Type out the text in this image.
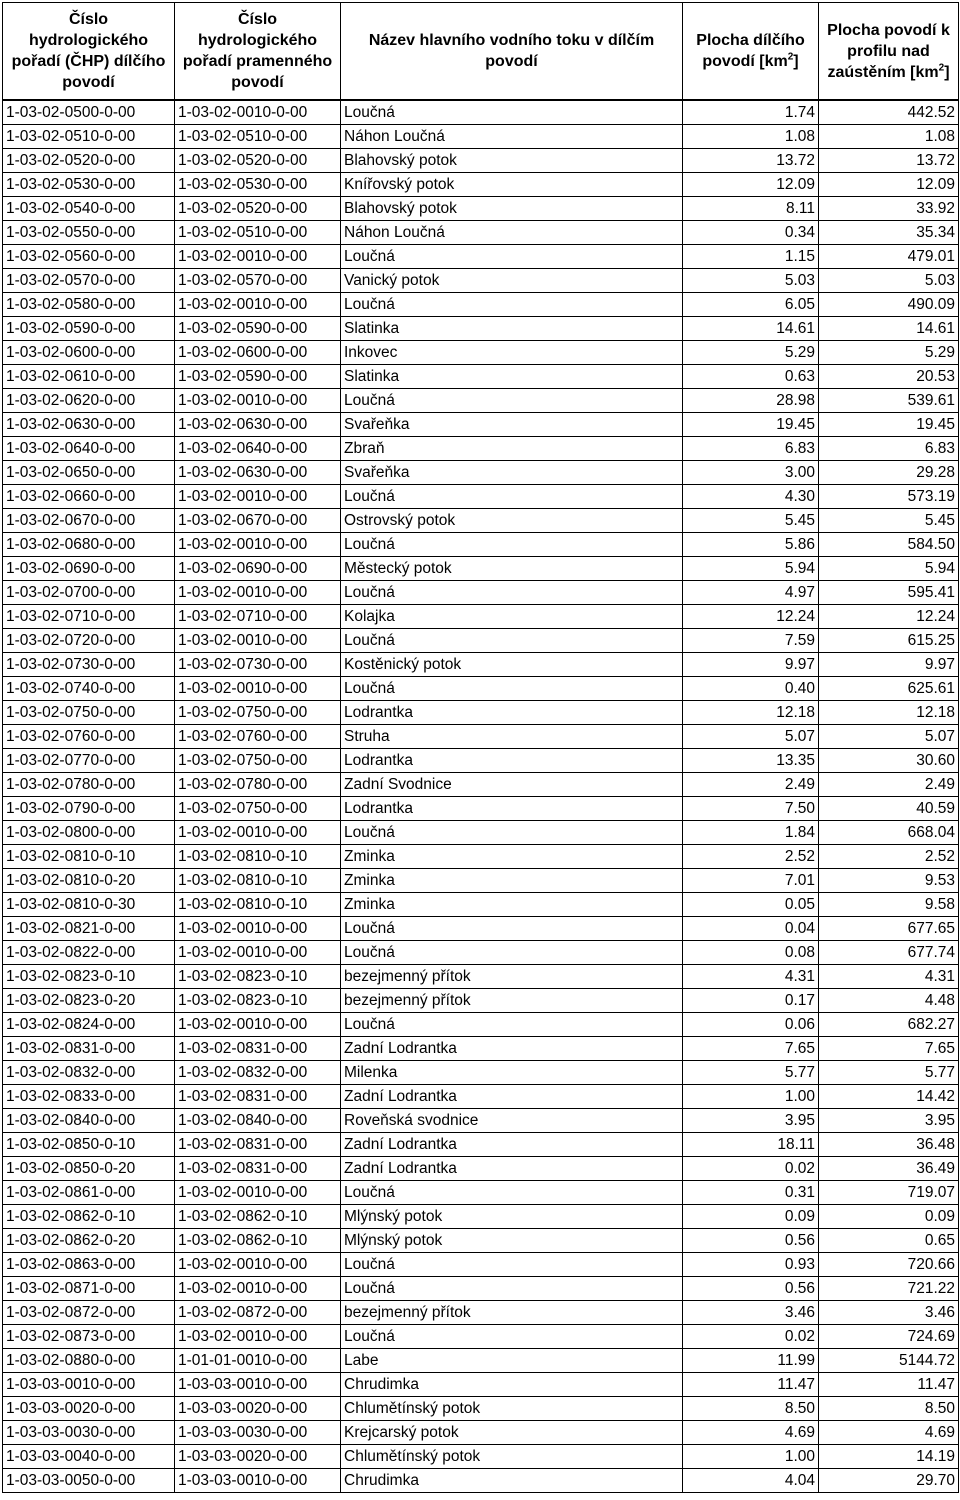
Číslo
hydrologického
pořadí (ČHP) dílčího
povodí	Číslo
hydrologického
pořadí pramenného
povodí	Název hlavního vodního toku v dílčím
povodí	Plocha dílčího
povodí $[km^2]$	Plocha povodí k
profilu nad
zaústěním $[km^2]$

1-03-02-0500-0-00	1-03-02-0010-0-00	Loučná	1.74	442.52
1-03-02-0510-0-00	1-03-02-0510-0-00	Náhon Loučná	1.08	1.08
1-03-02-0520-0-00	1-03-02-0520-0-00	Blahovský potok	13.72	13.72
1-03-02-0530-0-00	1-03-02-0530-0-00	Knířovský potok	12.09	12.09
1-03-02-0540-0-00	1-03-02-0520-0-00	Blahovský potok	8.11	33.92
1-03-02-0550-0-00	1-03-02-0510-0-00	Náhon Loučná	0.34	35.34
1-03-02-0560-0-00	1-03-02-0010-0-00	Loučná	1.15	479.01
1-03-02-0570-0-00	1-03-02-0570-0-00	Vanický potok	5.03	5.03
1-03-02-0580-0-00	1-03-02-0010-0-00	Loučná	6.05	490.09
1-03-02-0590-0-00	1-03-02-0590-0-00	Slatinka	14.61	14.61
1-03-02-0600-0-00	1-03-02-0600-0-00	Inkovec	5.29	5.29
1-03-02-0610-0-00	1-03-02-0590-0-00	Slatinka	0.63	20.53
1-03-02-0620-0-00	1-03-02-0010-0-00	Loučná	28.98	539.61
1-03-02-0630-0-00	1-03-02-0630-0-00	Svařeňka	19.45	19.45
1-03-02-0640-0-00	1-03-02-0640-0-00	Zbraň	6.83	6.83
1-03-02-0650-0-00	1-03-02-0630-0-00	Svařeňka	3.00	29.28
1-03-02-0660-0-00	1-03-02-0010-0-00	Loučná	4.30	573.19
1-03-02-0670-0-00	1-03-02-0670-0-00	Ostrovský potok	5.45	5.45
1-03-02-0680-0-00	1-03-02-0010-0-00	Loučná	5.86	584.50
1-03-02-0690-0-00	1-03-02-0690-0-00	Městecký potok	5.94	5.94
1-03-02-0700-0-00	1-03-02-0010-0-00	Loučná	4.97	595.41
1-03-02-0710-0-00	1-03-02-0710-0-00	Kolajka	12.24	12.24
1-03-02-0720-0-00	1-03-02-0010-0-00	Loučná	7.59	615.25
1-03-02-0730-0-00	1-03-02-0730-0-00	Kostěnický potok	9.97	9.97
1-03-02-0740-0-00	1-03-02-0010-0-00	Loučná	0.40	625.61
1-03-02-0750-0-00	1-03-02-0750-0-00	Lodrantka	12.18	12.18
1-03-02-0760-0-00	1-03-02-0760-0-00	Struha	5.07	5.07
1-03-02-0770-0-00	1-03-02-0750-0-00	Lodrantka	13.35	30.60
1-03-02-0780-0-00	1-03-02-0780-0-00	Zadní Svodnice	2.49	2.49
1-03-02-0790-0-00	1-03-02-0750-0-00	Lodrantka	7.50	40.59
1-03-02-0800-0-00	1-03-02-0010-0-00	Loučná	1.84	668.04
1-03-02-0810-0-10	1-03-02-0810-0-10	Zminka	2.52	2.52
1-03-02-0810-0-20	1-03-02-0810-0-10	Zminka	7.01	9.53
1-03-02-0810-0-30	1-03-02-0810-0-10	Zminka	0.05	9.58
1-03-02-0821-0-00	1-03-02-0010-0-00	Loučná	0.04	677.65
1-03-02-0822-0-00	1-03-02-0010-0-00	Loučná	0.08	677.74
1-03-02-0823-0-10	1-03-02-0823-0-10	bezejmenný přítok	4.31	4.31
1-03-02-0823-0-20	1-03-02-0823-0-10	bezejmenný přítok	0.17	4.48
1-03-02-0824-0-00	1-03-02-0010-0-00	Loučná	0.06	682.27
1-03-02-0831-0-00	1-03-02-0831-0-00	Zadní Lodrantka	7.65	7.65
1-03-02-0832-0-00	1-03-02-0832-0-00	Milenka	5.77	5.77
1-03-02-0833-0-00	1-03-02-0831-0-00	Zadní Lodrantka	1.00	14.42
1-03-02-0840-0-00	1-03-02-0840-0-00	Roveňská svodnice	3.95	3.95
1-03-02-0850-0-10	1-03-02-0831-0-00	Zadní Lodrantka	18.11	36.48
1-03-02-0850-0-20	1-03-02-0831-0-00	Zadní Lodrantka	0.02	36.49
1-03-02-0861-0-00	1-03-02-0010-0-00	Loučná	0.31	719.07
1-03-02-0862-0-10	1-03-02-0862-0-10	Mlýnský potok	0.09	0.09
1-03-02-0862-0-20	1-03-02-0862-0-10	Mlýnský potok	0.56	0.65
1-03-02-0863-0-00	1-03-02-0010-0-00	Loučná	0.93	720.66
1-03-02-0871-0-00	1-03-02-0010-0-00	Loučná	0.56	721.22
1-03-02-0872-0-00	1-03-02-0872-0-00	bezejmenný přítok	3.46	3.46
1-03-02-0873-0-00	1-03-02-0010-0-00	Loučná	0.02	724.69
1-03-02-0880-0-00	1-01-01-0010-0-00	Labe	11.99	5144.72
1-03-03-0010-0-00	1-03-03-0010-0-00	Chrudimka	11.47	11.47
1-03-03-0020-0-00	1-03-03-0020-0-00	Chlumětínský potok	8.50	8.50
1-03-03-0030-0-00	1-03-03-0030-0-00	Krejcarský potok	4.69	4.69
1-03-03-0040-0-00	1-03-03-0020-0-00	Chlumětínský potok	1.00	14.19
1-03-03-0050-0-00	1-03-03-0010-0-00	Chrudimka	4.04	29.70
